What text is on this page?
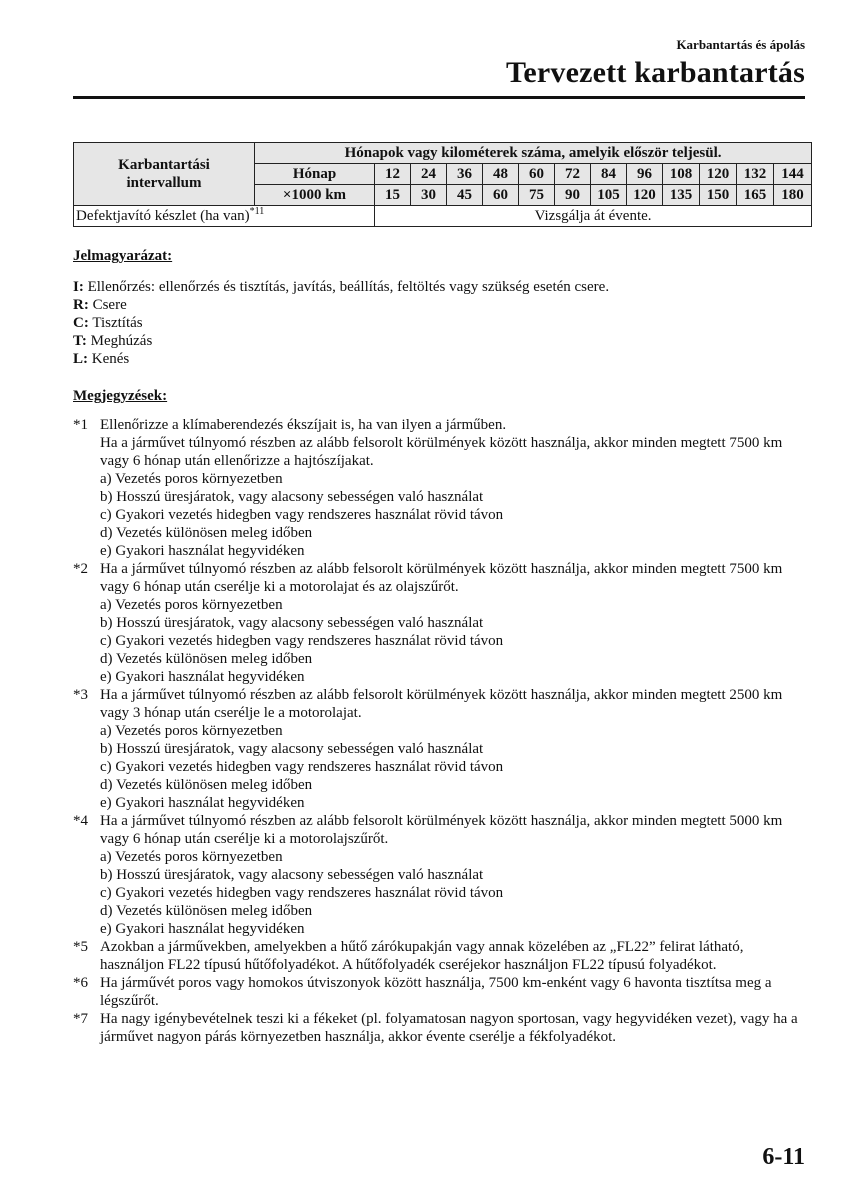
Karbantartás és ápolás
Tervezett karbantartás
Karbantartási intervallum	Hónapok vagy kilométerek száma, amelyik először teljesül.												
	Hónap	12	24	36	48	60	72	84	96	108	120	132	144
	×1000 km	15	30	45	60	75	90	105	120	135	150	165	180
Defektjavító készlet (ha van)$^{*11}$		Vizsgálja át évente.											
Jelmagyarázat:
I: Ellenőrzés: ellenőrzés és tisztítás, javítás, beállítás, feltöltés vagy szükség esetén csere.
R: Csere
C: Tisztítás
T: Meghúzás
L: Kenés
Megjegyzések:
*1 Ellenőrizze a klímaberendezés ékszíjait is, ha van ilyen a járműben.
Ha a járművet túlnyomó részben az alább felsorolt körülmények között használja, akkor minden megtett 7500 km vagy 6 hónap után ellenőrizze a hajtószíjakat.
a) Vezetés poros környezetben
b) Hosszú üresjáratok, vagy alacsony sebességen való használat
c) Gyakori vezetés hidegben vagy rendszeres használat rövid távon
d) Vezetés különösen meleg időben
e) Gyakori használat hegyvidéken
*2 Ha a járművet túlnyomó részben az alább felsorolt körülmények között használja, akkor minden megtett 7500 km vagy 6 hónap után cserélje ki a motorolajat és az olajszűrőt.
a) Vezetés poros környezetben
b) Hosszú üresjáratok, vagy alacsony sebességen való használat
c) Gyakori vezetés hidegben vagy rendszeres használat rövid távon
d) Vezetés különösen meleg időben
e) Gyakori használat hegyvidéken
*3 Ha a járművet túlnyomó részben az alább felsorolt körülmények között használja, akkor minden megtett 2500 km vagy 3 hónap után cserélje le a motorolajat.
a) Vezetés poros környezetben
b) Hosszú üresjáratok, vagy alacsony sebességen való használat
c) Gyakori vezetés hidegben vagy rendszeres használat rövid távon
d) Vezetés különösen meleg időben
e) Gyakori használat hegyvidéken
*4 Ha a járművet túlnyomó részben az alább felsorolt körülmények között használja, akkor minden megtett 5000 km vagy 6 hónap után cserélje ki a motorolajszűrőt.
a) Vezetés poros környezetben
b) Hosszú üresjáratok, vagy alacsony sebességen való használat
c) Gyakori vezetés hidegben vagy rendszeres használat rövid távon
d) Vezetés különösen meleg időben
e) Gyakori használat hegyvidéken
*5 Azokban a járművekben, amelyekben a hűtő zárókupakján vagy annak közelében az „FL22” felirat látható, használjon FL22 típusú hűtőfolyadékot. A hűtőfolyadék cseréjekor használjon FL22 típusú folyadékot.
*6 Ha járművét poros vagy homokos útviszonyok között használja, 7500 km-enként vagy 6 havonta tisztítsa meg a légszűrőt.
*7 Ha nagy igénybevételnek teszi ki a fékeket (pl. folyamatosan nagyon sportosan, vagy hegyvidéken vezet), vagy ha a járművet nagyon párás környezetben használja, akkor évente cserélje a fékfolyadékot.
6-11
